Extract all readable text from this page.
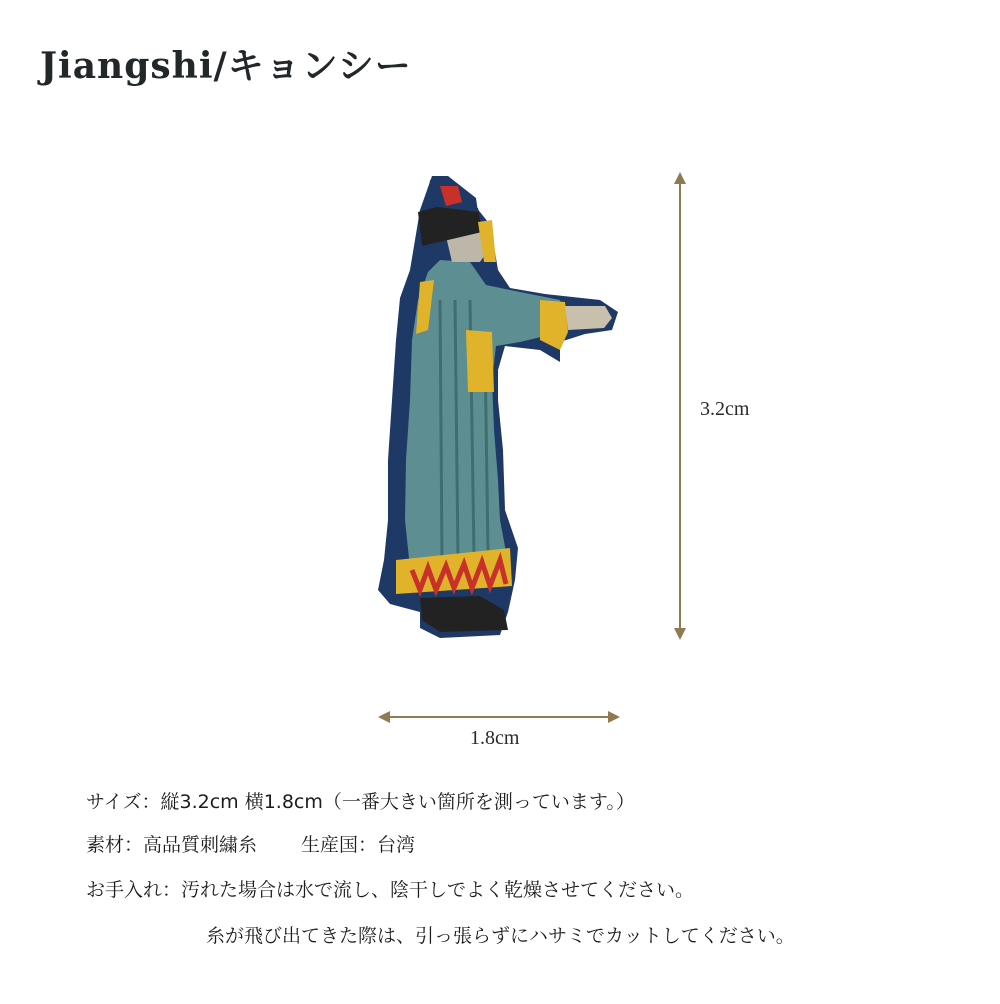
Jiangshi/キョンシー
3.2cm
1.8cm
サイズ：縦3.2cm 横1.8cm（一番大きい箇所を測っています。）
素材：高品質刺繍糸 生産国：台湾
お手入れ：汚れた場合は水で流し、陰干しでよく乾燥させてください。
糸が飛び出てきた際は、引っ張らずにハサミでカットしてください。
